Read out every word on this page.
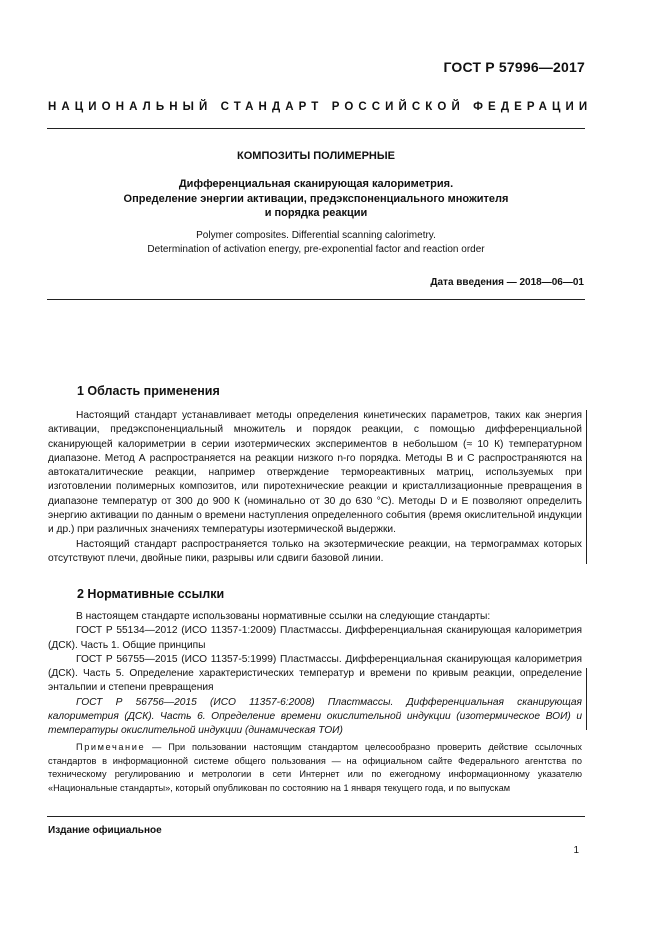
ГОСТ Р 57996—2017
НАЦИОНАЛЬНЫЙ СТАНДАРТ РОССИЙСКОЙ ФЕДЕРАЦИИ
КОМПОЗИТЫ ПОЛИМЕРНЫЕ
Дифференциальная сканирующая калориметрия.
Определение энергии активации, предэкспоненциального множителя
и порядка реакции
Polymer composites. Differential scanning calorimetry.
Determination of activation energy, pre-exponential factor and reaction order
Дата введения — 2018—06—01
1 Область применения

Настоящий стандарт устанавливает методы определения кинетических параметров, таких как энергия активации, предэкспоненциальный множитель и порядок реакции, с помощью дифференциальной сканирующей калориметрии в серии изотермических экспериментов в небольшом (≈ 10 К) температурном диапазоне. Метод А распространяется на реакции низкого n-го порядка. Методы В и С распространяются на автокаталитические реакции, например отверждение термореактивных матриц, используемых при изготовлении полимерных композитов, или пиротехнические реакции и кристаллизационные превращения в диапазоне температур от 300 до 900 К (номинально от 30 до 630 °С). Методы D и Е позволяют определить энергию активации по данным о времени наступления определенного события (время окислительной индукции и др.) при различных значениях температуры изотермической выдержки.

Настоящий стандарт распространяется только на экзотермические реакции, на термограммах которых отсутствуют плечи, двойные пики, разрывы или сдвиги базовой линии.

2 Нормативные ссылки

В настоящем стандарте использованы нормативные ссылки на следующие стандарты:

ГОСТ Р 55134—2012 (ИСО 11357-1:2009) Пластмассы. Дифференциальная сканирующая калориметрия (ДСК). Часть 1. Общие принципы

ГОСТ Р 56755—2015 (ИСО 11357-5:1999) Пластмассы. Дифференциальная сканирующая калориметрия (ДСК). Часть 5. Определение характеристических температур и времени по кривым реакции, определение энтальпии и степени превращения

ГОСТ Р 56756—2015 (ИСО 11357-6:2008) Пластмассы. Дифференциальная сканирующая калориметрия (ДСК). Часть 6. Определение времени окислительной индукции (изотермическое ВОИ) и температуры окислительной индукции (динамическая ТОИ)

Примечание — При пользовании настоящим стандартом целесообразно проверить действие ссылочных стандартов в информационной системе общего пользования — на официальном сайте Федерального агентства по техническому регулированию и метрологии в сети Интернет или по ежегодному информационному указателю «Национальные стандарты», который опубликован по состоянию на 1 января текущего года, и по выпускам

Издание официальное
1
